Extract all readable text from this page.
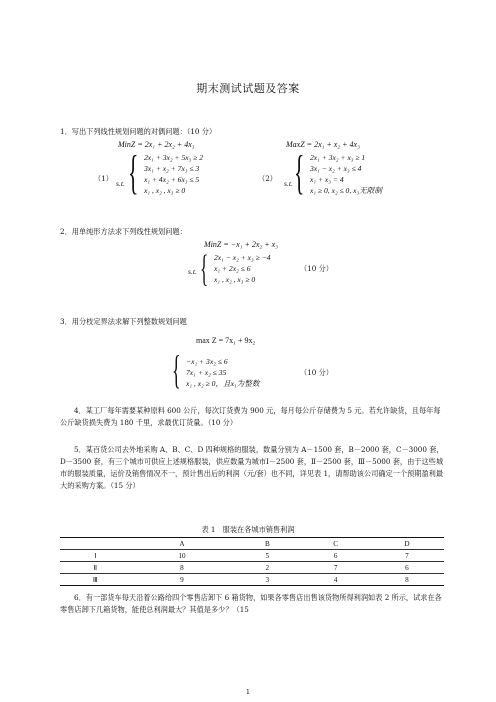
期末测试试题及答案
1．写出下列线性规划问题的对偶问题：（10 分）
MinZ = 2x₁ + 2x₂ + 4x₃
（1）
s.t. { 2x₁ + 3x₂ + 5x₃ ≥ 2
3x₁ + x₂ + 7x₃ ≤ 3
x₁ + 4x₂ + 6x₃ ≤ 5
x₁ , x₂ , x₃ ≥ 0
MaxZ = 2x₁ + x₂ + 4x₃
（2）
s.t. { 2x₁ + 3x₂ + x₃ ≥ 1
3x₁ − x₂ + x₃ ≤ 4
x₁ + x₃ = 4
x₁ ≥ 0, x₂ ≤ 0, x₃无限制
2．用单纯形方法求下列线性规划问题：
MinZ = −x₁ + 2x₂ + x₃
s.t. { 2x₁ − x₂ + x₃ ≥ −4
x₁ + 2x₂ ≤ 6
x₁ , x₂ , x₃ ≥ 0
（10 分）
3．用分枝定界法求解下列整数规划问题
max Z = 7x₁ + 9x₂
{ −x₁ + 3x₂ ≤ 6
7x₁ + x₂ ≤ 35
x₁ , x₂ ≥ 0，且x₁为整数
（10 分）
4．某工厂每年需要某种原料 600 公斤，每次订货费为 900 元，每月每公斤存储费为 5 元。若允许缺货，且每年每公斤缺货损失费为 180 千里，求最优订货量。（10 分）
5．某百货公司去外地采购 A、B、C、D 四种规格的服装，数量分别为 A－1500 套，B－2000 套，C－3000 套，D－3500 套，有三个城市可供应上述规格服装，供应数量为城市Ⅰ－2500 套，Ⅱ－2500 套，Ⅲ－5000 套，由于这些城市的服装质量，运价及销售情况不一，预计售出后的利润（元/套）也不同，详见表 1，请帮助该公司确定一个预期盈利最大的采购方案。（15 分）
表 1　服装在各城市销售利润
	A	B	C	D
Ⅰ	10	5	6	7
Ⅱ	8	2	7	6
Ⅲ	9	3	4	8
6．有一部货车每天沿着公路给四个零售店卸下 6 箱货物，如果各零售店出售该货物所得利润如表 2 所示，试求在各零售店卸下几箱货物，能使总利润最大？其值是多少？（15
1
